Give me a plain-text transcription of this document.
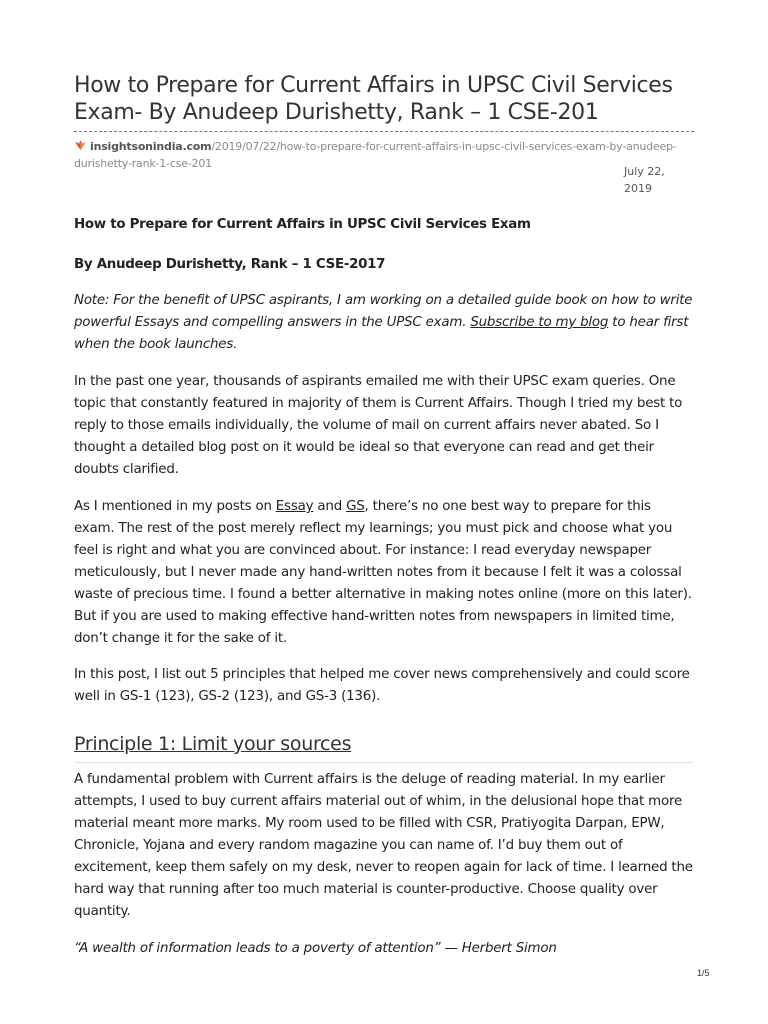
How to Prepare for Current Affairs in UPSC Civil Services Exam- By Anudeep Durishetty, Rank – 1 CSE-201
insightsonindia.com/2019/07/22/how-to-prepare-for-current-affairs-in-upsc-civil-services-exam-by-anudeep-durishetty-rank-1-cse-201
July 22,
2019

How to Prepare for Current Affairs in UPSC Civil Services Exam

By Anudeep Durishetty, Rank – 1 CSE-2017

Note: For the benefit of UPSC aspirants, I am working on a detailed guide book on how to write powerful Essays and compelling answers in the UPSC exam. Subscribe to my blog to hear first when the book launches.

In the past one year, thousands of aspirants emailed me with their UPSC exam queries. One topic that constantly featured in majority of them is Current Affairs. Though I tried my best to reply to those emails individually, the volume of mail on current affairs never abated. So I thought a detailed blog post on it would be ideal so that everyone can read and get their doubts clarified.

As I mentioned in my posts on Essay and GS, there’s no one best way to prepare for this exam. The rest of the post merely reflect my learnings; you must pick and choose what you feel is right and what you are convinced about. For instance: I read everyday newspaper meticulously, but I never made any hand-written notes from it because I felt it was a colossal waste of precious time. I found a better alternative in making notes online (more on this later). But if you are used to making effective hand-written notes from newspapers in limited time, don’t change it for the sake of it.

In this post, I list out 5 principles that helped me cover news comprehensively and could score well in GS-1 (123), GS-2 (123), and GS-3 (136).

Principle 1: Limit your sources

A fundamental problem with Current affairs is the deluge of reading material. In my earlier attempts, I used to buy current affairs material out of whim, in the delusional hope that more material meant more marks. My room used to be filled with CSR, Pratiyogita Darpan, EPW, Chronicle, Yojana and every random magazine you can name of. I’d buy them out of excitement, keep them safely on my desk, never to reopen again for lack of time. I learned the hard way that running after too much material is counter-productive. Choose quality over quantity.

“A wealth of information leads to a poverty of attention” — Herbert Simon
1/5
